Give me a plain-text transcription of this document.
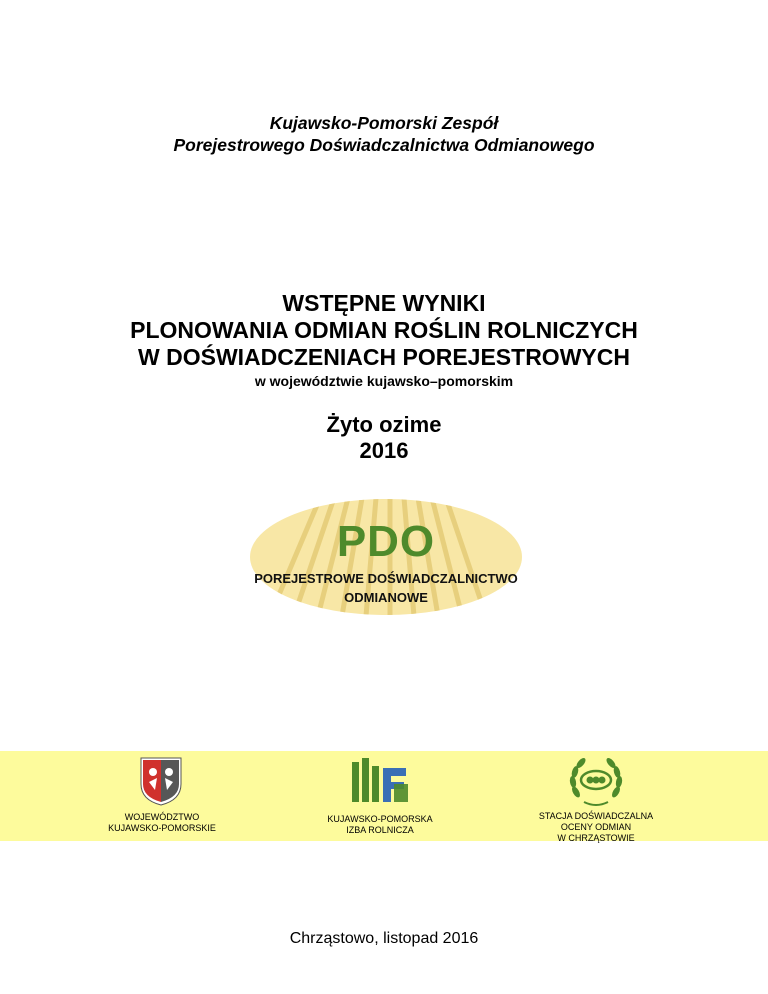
Kujawsko-Pomorski Zespół
Porejestrowego Doświadczalnictwa Odmianowego
WSTĘPNE WYNIKI
PLONOWANIA ODMIAN ROŚLIN ROLNICZYCH
W DOŚWIADCZENIACH POREJESTROWYCH
w województwie kujawsko–pomorskim
Żyto ozime
2016
PDO
POREJESTROWE DOŚWIADCZALNICTWO
ODMIANOWE
WOJEWÓDZTWO
KUJAWSKO-POMORSKIE
KUJAWSKO-POMORSKA
IZBA ROLNICZA
STACJA DOŚWIADCZALNA
OCENY ODMIAN
W CHRZĄSTOWIE
Chrząstowo, listopad 2016
